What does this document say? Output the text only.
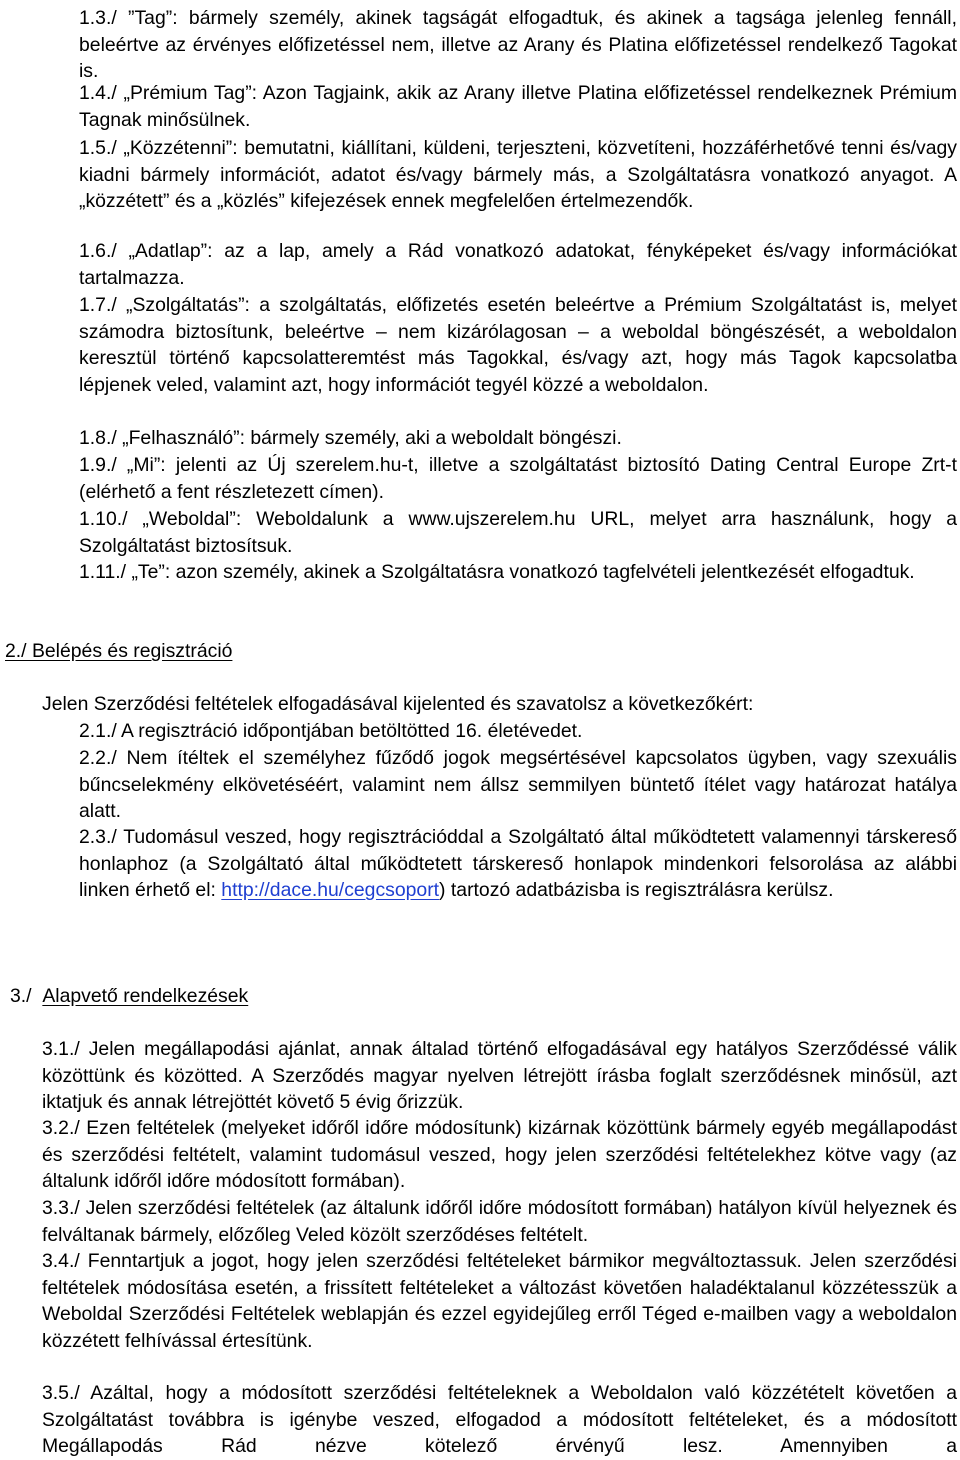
1.3./ ”Tag”: bármely személy, akinek tagságát elfogadtuk, és akinek a tagsága jelenleg fennáll, beleértve az érvényes előfizetéssel nem, illetve az Arany és Platina előfizetéssel rendelkező Tagokat is.

1.4./ „Prémium Tag”: Azon Tagjaink, akik az Arany illetve Platina előfizetéssel rendelkeznek Prémium Tagnak minősülnek.

1.5./ „Közzétenni”: bemutatni, kiállítani, küldeni, terjeszteni, közvetíteni, hozzáférhetővé tenni és/vagy kiadni bármely információt, adatot és/vagy bármely más, a Szolgáltatásra vonatkozó anyagot. A „közzétett” és a „közlés” kifejezések ennek megfelelően értelmezendők.

1.6./ „Adatlap”: az a lap, amely a Rád vonatkozó adatokat, fényképeket és/vagy információkat tartalmazza.

1.7./ „Szolgáltatás”: a szolgáltatás, előfizetés esetén beleértve a Prémium Szolgáltatást is, melyet számodra biztosítunk, beleértve – nem kizárólagosan – a weboldal böngészését, a weboldalon keresztül történő kapcsolatteremtést más Tagokkal, és/vagy azt, hogy más Tagok kapcsolatba lépjenek veled, valamint azt, hogy információt tegyél közzé a weboldalon.

1.8./ „Felhasználó”: bármely személy, aki a weboldalt böngészi.

1.9./ „Mi”: jelenti az Új szerelem.hu-t, illetve a szolgáltatást biztosító Dating Central Europe Zrt-t (elérhető a fent részletezett címen).

1.10./ „Weboldal”: Weboldalunk a www.ujszerelem.hu URL, melyet arra használunk, hogy a Szolgáltatást biztosítsuk.

1.11./ „Te”: azon személy, akinek a Szolgáltatásra vonatkozó tagfelvételi jelentkezését elfogadtuk.

2./ Belépés és regisztráció

Jelen Szerződési feltételek elfogadásával kijelented és szavatolsz a következőkért:

2.1./ A regisztráció időpontjában betöltötted 16. életévedet.

2.2./ Nem ítéltek el személyhez fűződő jogok megsértésével kapcsolatos ügyben, vagy szexuális bűncselekmény elkövetéséért, valamint nem állsz semmilyen büntető ítélet vagy határozat hatálya alatt.

2.3./ Tudomásul veszed, hogy regisztrációddal a Szolgáltató által működtetett valamennyi társkereső honlaphoz (a Szolgáltató által működtetett társkereső honlapok mindenkori felsorolása az alábbi linken érhető el: http://dace.hu/cegcsoport) tartozó adatbázisba is regisztrálásra kerülsz.

3./ Alapvető rendelkezések

3.1./ Jelen megállapodási ajánlat, annak általad történő elfogadásával egy hatályos Szerződéssé válik közöttünk és közötted. A Szerződés magyar nyelven létrejött írásba foglalt szerződésnek minősül, azt iktatjuk és annak létrejöttét követő 5 évig őrizzük.

3.2./ Ezen feltételek (melyeket időről időre módosítunk) kizárnak közöttünk bármely egyéb megállapodást és szerződési feltételt, valamint tudomásul veszed, hogy jelen szerződési feltételekhez kötve vagy (az általunk időről időre módosított formában).

3.3./ Jelen szerződési feltételek (az általunk időről időre módosított formában) hatályon kívül helyeznek és felváltanak bármely, előzőleg Veled közölt szerződéses feltételt.

3.4./ Fenntartjuk a jogot, hogy jelen szerződési feltételeket bármikor megváltoztassuk. Jelen szerződési feltételek módosítása esetén, a frissített feltételeket a változást követően haladéktalanul közzétesszük a Weboldal Szerződési Feltételek weblapján és ezzel egyidejűleg erről Téged e-mailben vagy a weboldalon közzétett felhívással értesítünk.

3.5./ Azáltal, hogy a módosított szerződési feltételeknek a Weboldalon való közzétételt követően a Szolgáltatást továbbra is igénybe veszed, elfogadod a módosított feltételeket, és a módosított Megállapodás Rád nézve kötelező érvényű lesz. Amennyiben a
